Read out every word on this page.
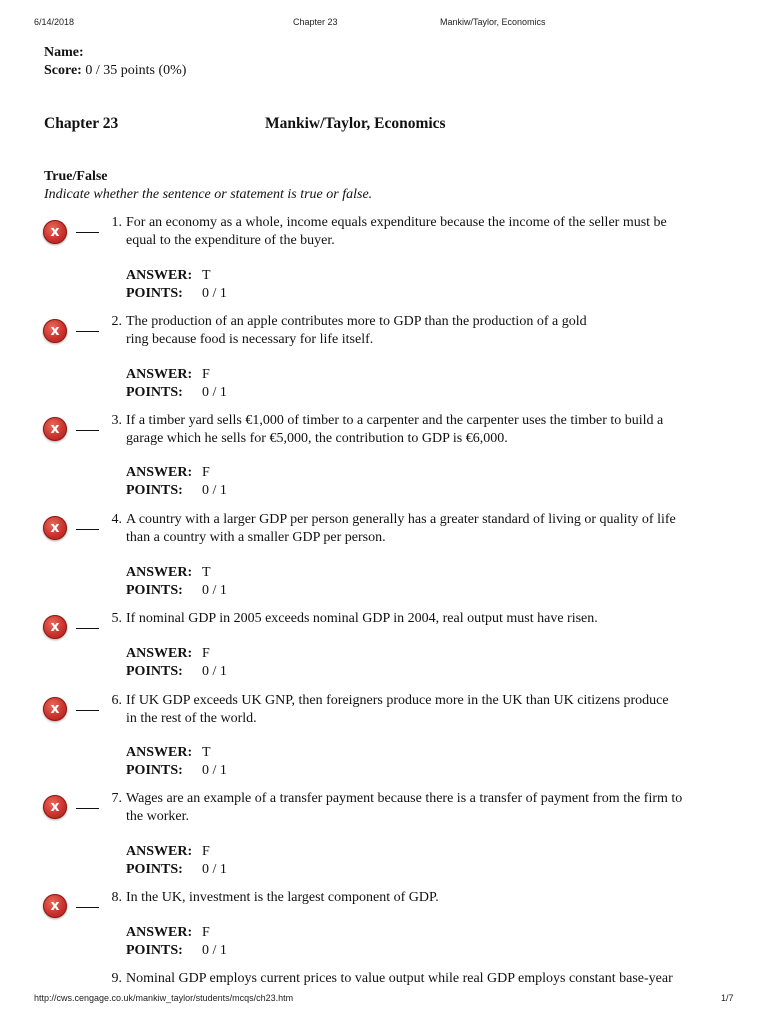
6/14/2018	Chapter 23	Mankiw/Taylor, Economics
Name:
Score: 0 / 35 points (0%)
Chapter 23	Mankiw/Taylor, Economics
True/False
Indicate whether the sentence or statement is true or false.
x
1. For an economy as a whole, income equals expenditure because the income of the seller must be
equal to the expenditure of the buyer.
ANSWER: T
POINTS: 0 / 1
x
2. The production of an apple contributes more to GDP than the production of a gold
ring because food is necessary for life itself.
ANSWER: F
POINTS: 0 / 1
x
3. If a timber yard sells €1,000 of timber to a carpenter and the carpenter uses the timber to build a
garage which he sells for €5,000, the contribution to GDP is €6,000.
ANSWER: F
POINTS: 0 / 1
x
4. A country with a larger GDP per person generally has a greater standard of living or quality of life
than a country with a smaller GDP per person.
ANSWER: T
POINTS: 0 / 1
x
5. If nominal GDP in 2005 exceeds nominal GDP in 2004, real output must have risen.
ANSWER: F
POINTS: 0 / 1
x
6. If UK GDP exceeds UK GNP, then foreigners produce more in the UK than UK citizens produce
in the rest of the world.
ANSWER: T
POINTS: 0 / 1
x
7. Wages are an example of a transfer payment because there is a transfer of payment from the firm to
the worker.
ANSWER: F
POINTS: 0 / 1
x
8. In the UK, investment is the largest component of GDP.
ANSWER: F
POINTS: 0 / 1
9. Nominal GDP employs current prices to value output while real GDP employs constant base-year
http://cws.cengage.co.uk/mankiw_taylor/students/mcqs/ch23.htm	1/7
